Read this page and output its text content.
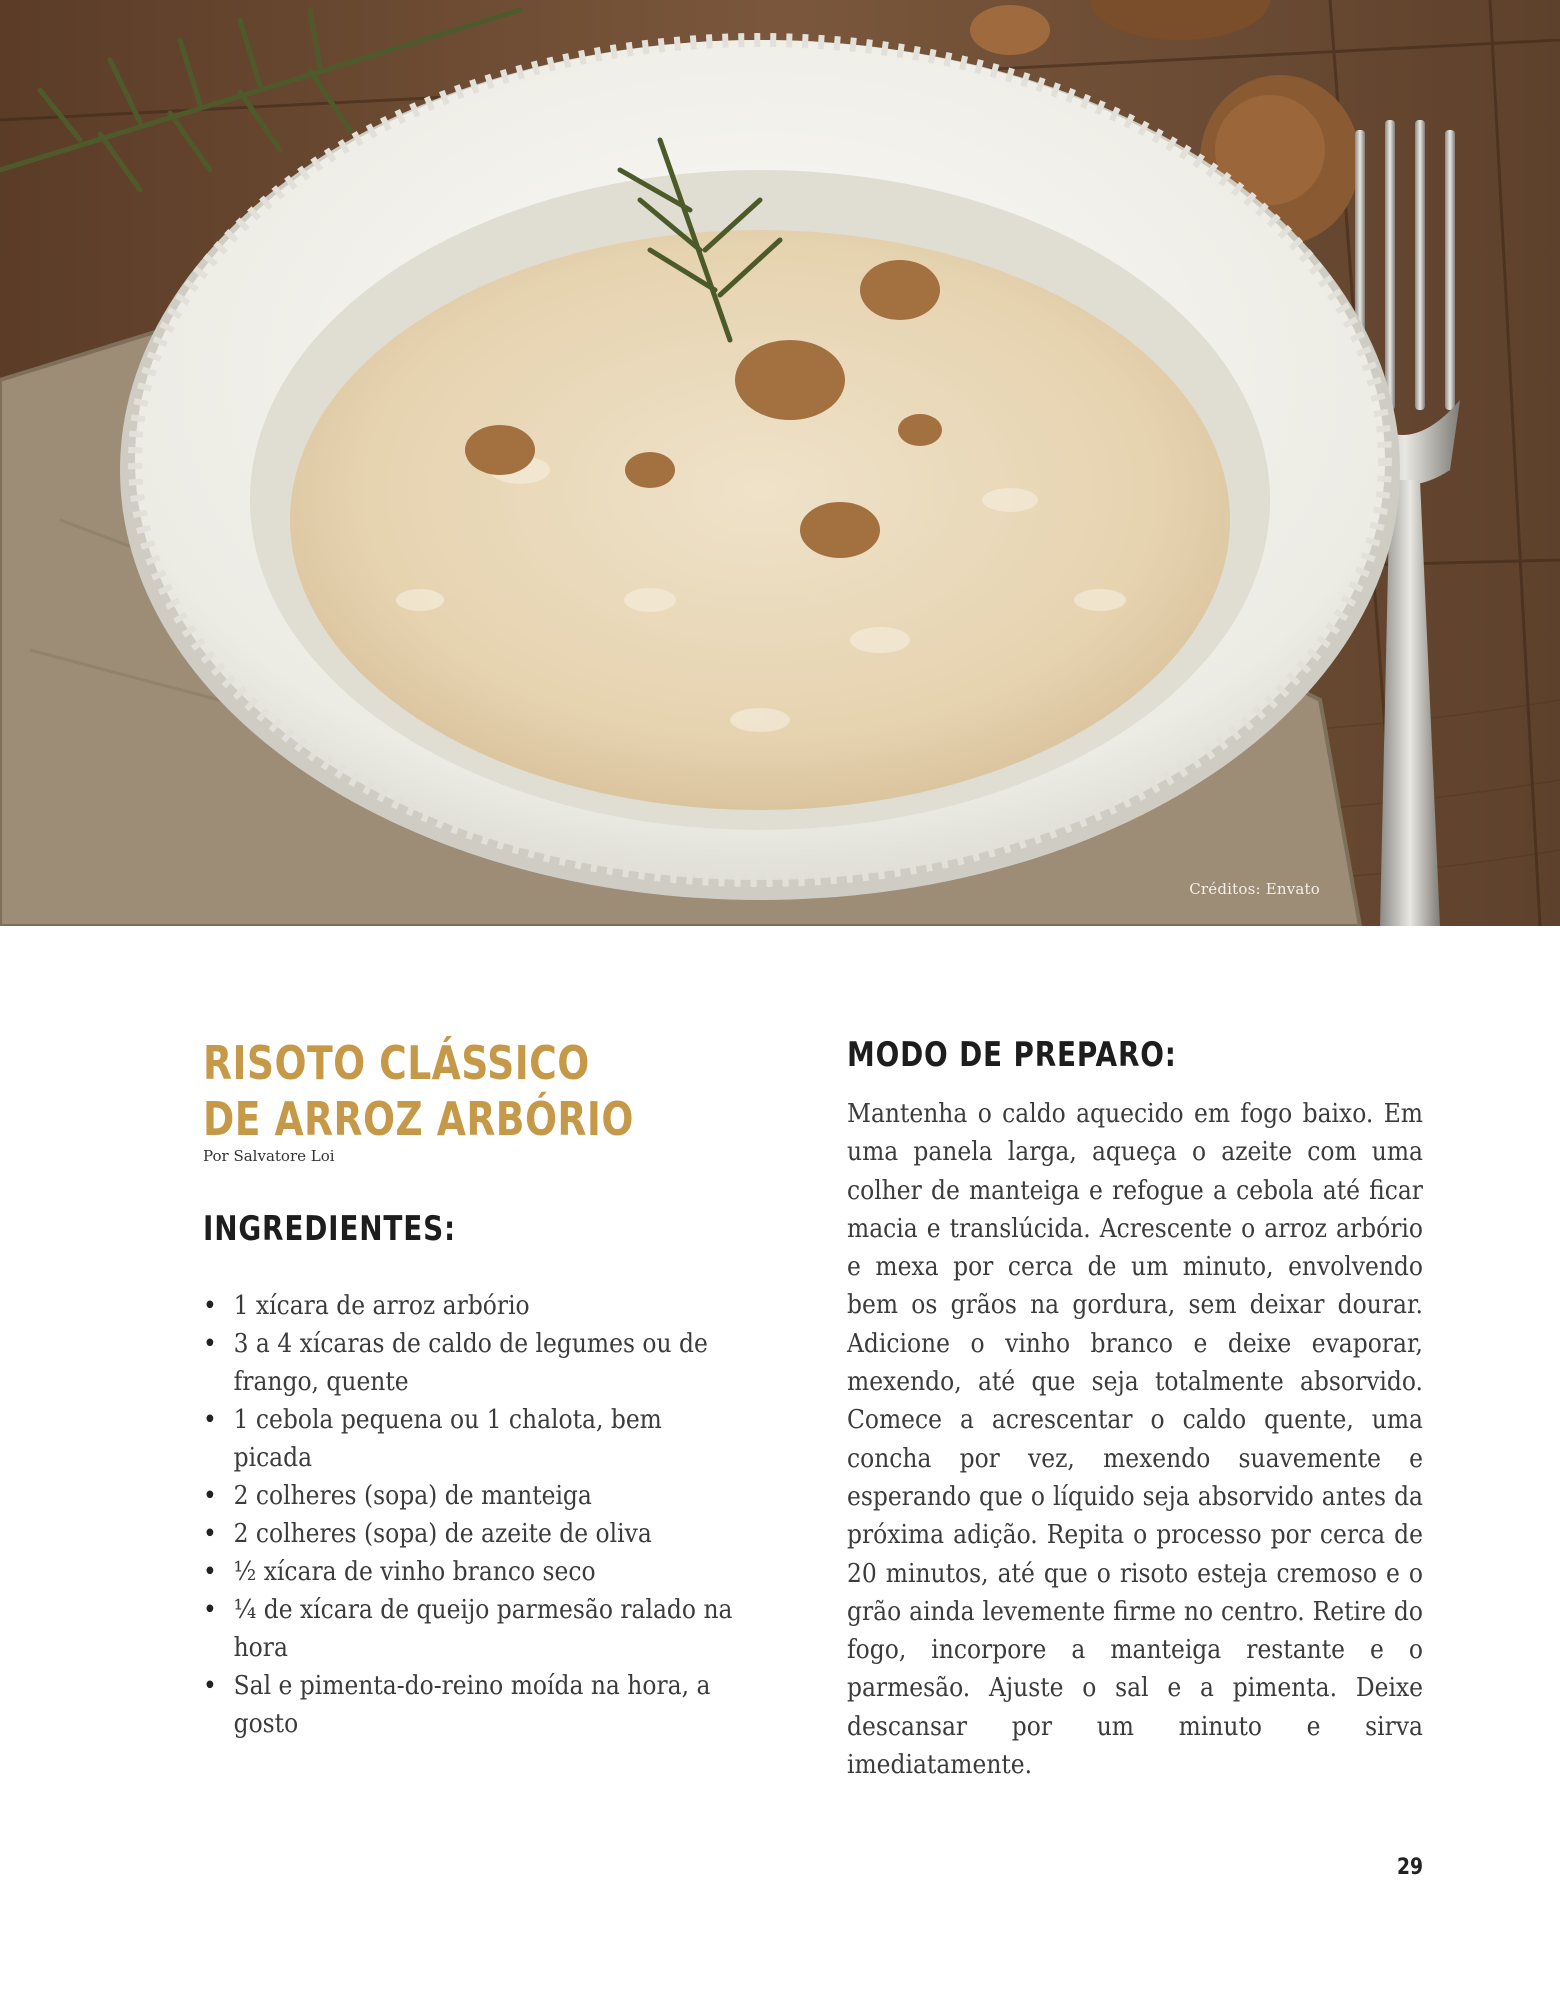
Créditos: Envato
RISOTO CLÁSSICO
DE ARROZ ARBÓRIO
Por Salvatore Loi
INGREDIENTES:
• 1 xícara de arroz arbório
• 3 a 4 xícaras de caldo de legumes ou de frango, quente
• 1 cebola pequena ou 1 chalota, bem picada
• 2 colheres (sopa) de manteiga
• 2 colheres (sopa) de azeite de oliva
• ½ xícara de vinho branco seco
• ¼ de xícara de queijo parmesão ralado na hora
• Sal e pimenta-do-reino moída na hora, a gosto
MODO DE PREPARO:

Mantenha o caldo aquecido em fogo baixo. Em uma panela larga, aqueça o azeite com uma colher de manteiga e refogue a cebola até ficar macia e translúcida. Acrescente o arroz arbório e mexa por cerca de um minuto, envolvendo bem os grãos na gordura, sem deixar dourar. Adicione o vinho branco e deixe evaporar, mexendo, até que seja totalmente absorvido. Comece a acrescentar o caldo quente, uma concha por vez, mexendo suavemente e esperando que o líquido seja absorvido antes da próxima adição. Repita o processo por cerca de 20 minutos, até que o risoto esteja cremoso e o grão ainda levemente firme no centro. Retire do fogo, incorpore a manteiga restante e o parmesão. Ajuste o sal e a pimenta. Deixe descansar por um minuto e sirva imediatamente.

29
